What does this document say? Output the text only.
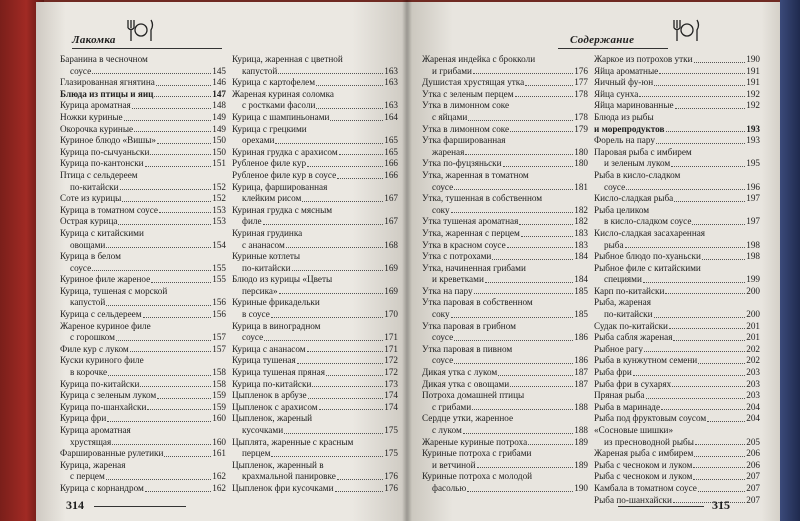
Лакомка
Баранина в чесночном
соусе	145
Глазированная ягнятина	146
Блюда из птицы и яиц	147
Курица ароматная	148
Ножки куриные	149
Окорочка куриные	149
Куриное блюдо «Вишы»	150
Курица по-сычуаньски	150
Курица по-кантонски	151
Птица с сельдереем
по-китайски	152
Соте из курицы	152
Курица в томатном соусе	153
Острая курица	153
Курица с китайскими
овощами	154
Курица в белом
соусе	155
Куриное филе жареное	155
Курица, тушеная с морской
капустой	156
Курица с сельдереем	156
Жареное куриное филе
с горошком	157
Филе кур с луком	157
Куски куриного филе
в корочке	158
Курица по-китайски	158
Курица с зеленым луком	159
Курица по-шанхайски	159
Курица фри	160
Курица ароматная
хрустящая	160
Фаршированные рулетики	161
Курица, жареная
с перцем	162
Курица с корнандром	162
Курица, жаренная с цветной
капустой	163
Курица с картофелем	163
Жареная куриная соломка
с ростками фасоли	163
Курица с шампиньонами	164
Курица с грецкими
орехами	165
Куриная грудка с арахисом	165
Рубленое филе кур	166
Рубленое филе кур в соусе	166
Курица, фаршированная
клейким рисом	167
Куриная грудка с мясным
филе	167
Куриная грудинка
с ананасом	168
Куриные котлеты
по-китайски	169
Блюдо из курицы «Цветы
персика»	169
Куриные фрикадельки
в соусе	170
Курица в виноградном
соусе	171
Курица с ананасом	171
Курица тушеная	172
Курица тушеная пряная	172
Курица по-китайски	173
Цыпленок в арбузе	174
Цыпленок с арахисом	174
Цыпленок, жареный
кусочками	175
Цыплята, жаренные с красным
перцем	175
Цыпленок, жаренный в
крахмальной панировке	176
Цыпленок фри кусочками	176
314
Содержание
Жареная индейка с брокколи
и грибами	176
Душистая хрустящая утка	177
Утка с зеленым перцем	178
Утка в лимонном соке
с яйцами	178
Утка в лимонном соке	179
Утка фаршированная
жареная	180
Утка по-фуцзяньски	180
Утка, жаренная в томатном
соусе	181
Утка, тушенная в собственном
соку	182
Утка тушеная ароматная	182
Утка, жаренная с перцем	183
Утка в красном соусе	183
Утка с потрохами	184
Утка, начиненная грибами
и креветками	184
Утка на пару	185
Утка паровая в собственном
соку	185
Утка паровая в грибном
соусе	186
Утка паровая в пивном
соусе	186
Дикая утка с луком	187
Дикая утка с овощами	187
Потроха домашней птицы
с грибами	188
Сердце утки, жаренное
с луком	188
Жареные куриные потроха	189
Куриные потроха с грибами
и ветчиной	189
Куриные потроха с молодой
фасолью	190
Жаркое из потрохов утки	190
Яйца ароматные	191
Яичный фу-юн	191
Яйца сунха	192
Яйца маринованные	192
Блюда из рыбы
и морепродуктов	193
Форель на пару	193
Паровая рыба с имбирем
и зеленым луком	195
Рыба в кисло-сладком
соусе	196
Кисло-сладкая рыба	197
Рыба целиком
в кисло-сладком соусе	197
Кисло-сладкая засахаренная
рыба	198
Рыбное блюдо по-хуаньски	198
Рыбное филе с китайскими
специями	199
Карп по-китайски	200
Рыба, жареная
по-китайски	200
Судак по-китайски	201
Рыба сабля жареная	201
Рыбное рагу	202
Рыба в кунжутном семени	202
Рыба фри	203
Рыба фри в сухарях	203
Пряная рыба	203
Рыба в маринаде	204
Рыба под фруктовым соусом	204
«Сосновые шишки»
из пресноводной рыбы	205
Жареная рыба с имбирем	206
Рыба с чесноком и луком	206
Рыба с чесноком и луком	207
Камбала в томатном соусе	207
Рыба по-шанхайски	207
315
